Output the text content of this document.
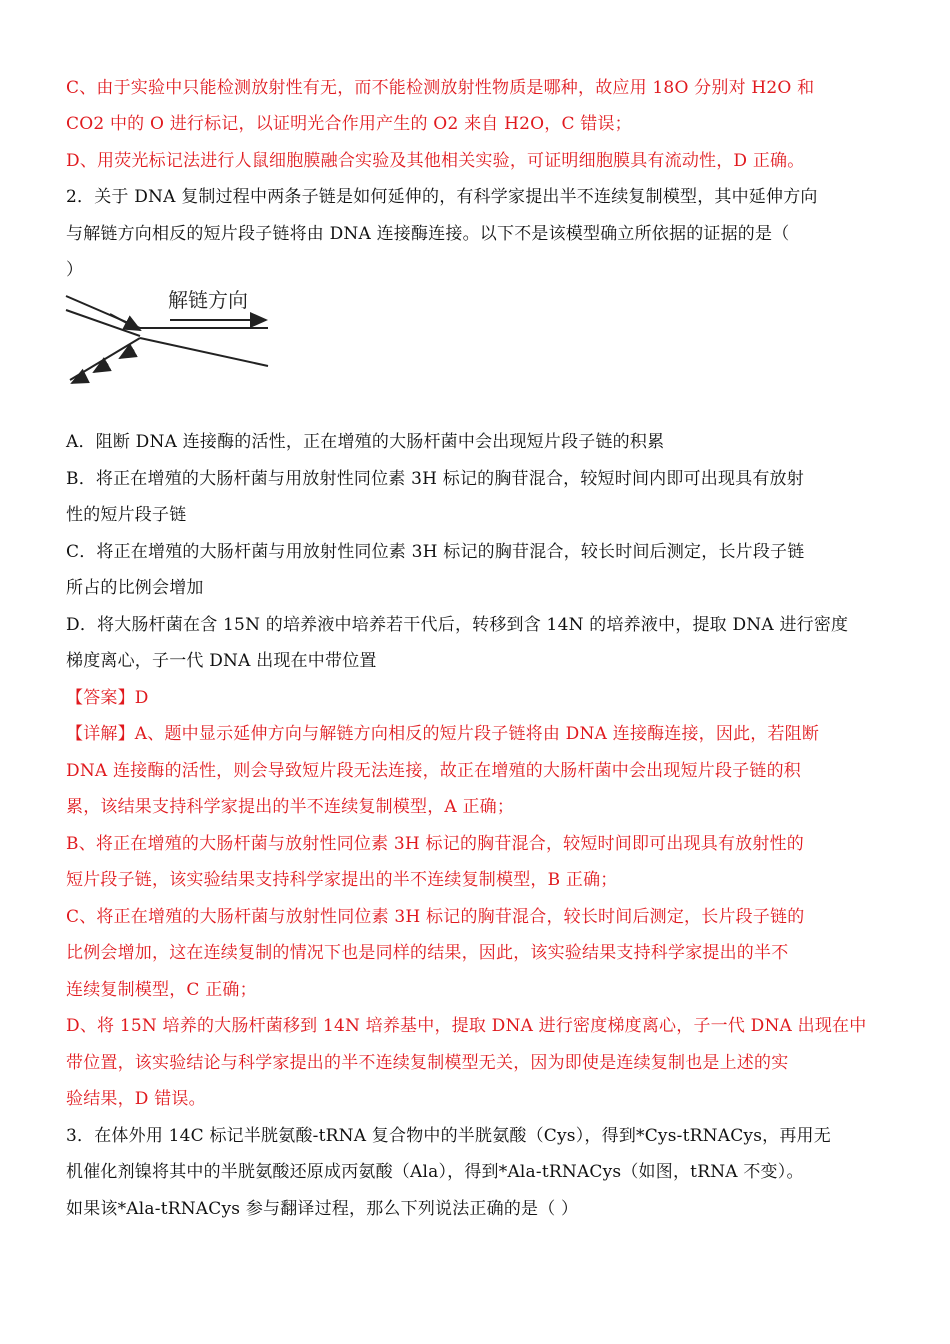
C、由于实验中只能检测放射性有无，而不能检测放射性物质是哪种，故应用 18O 分别对 H2O 和
CO2 中的 O 进行标记，以证明光合作用产生的 O2 来自 H2O，C 错误；
D、用荧光标记法进行人鼠细胞膜融合实验及其他相关实验，可证明细胞膜具有流动性，D 正确。
2．关于 DNA 复制过程中两条子链是如何延伸的，有科学家提出半不连续复制模型，其中延伸方向
与解链方向相反的短片段子链将由 DNA 连接酶连接。以下不是该模型确立所依据的证据的是（
）
解链方向
A．阻断 DNA 连接酶的活性，正在增殖的大肠杆菌中会出现短片段子链的积累
B．将正在增殖的大肠杆菌与用放射性同位素 3H 标记的胸苷混合，较短时间内即可出现具有放射
性的短片段子链
C．将正在增殖的大肠杆菌与用放射性同位素 3H 标记的胸苷混合，较长时间后测定，长片段子链
所占的比例会增加
D．将大肠杆菌在含 15N 的培养液中培养若干代后，转移到含 14N 的培养液中，提取 DNA 进行密度
梯度离心，子一代 DNA 出现在中带位置
【答案】D
【详解】A、题中显示延伸方向与解链方向相反的短片段子链将由 DNA 连接酶连接，因此，若阻断
DNA 连接酶的活性，则会导致短片段无法连接，故正在增殖的大肠杆菌中会出现短片段子链的积
累，该结果支持科学家提出的半不连续复制模型，A 正确；
B、将正在增殖的大肠杆菌与放射性同位素 3H 标记的胸苷混合，较短时间即可出现具有放射性的
短片段子链，该实验结果支持科学家提出的半不连续复制模型，B 正确；
C、将正在增殖的大肠杆菌与放射性同位素 3H 标记的胸苷混合，较长时间后测定，长片段子链的
比例会增加，这在连续复制的情况下也是同样的结果，因此，该实验结果支持科学家提出的半不
连续复制模型，C 正确；
D、将 15N 培养的大肠杆菌移到 14N 培养基中，提取 DNA 进行密度梯度离心，子一代 DNA 出现在中
带位置，该实验结论与科学家提出的半不连续复制模型无关，因为即使是连续复制也是上述的实
验结果，D 错误。
3．在体外用 14C 标记半胱氨酸-tRNA 复合物中的半胱氨酸（Cys），得到*Cys-tRNACys，再用无
机催化剂镍将其中的半胱氨酸还原成丙氨酸（Ala），得到*Ala-tRNACys（如图，tRNA 不变）。
如果该*Ala-tRNACys 参与翻译过程，那么下列说法正确的是（ ）
